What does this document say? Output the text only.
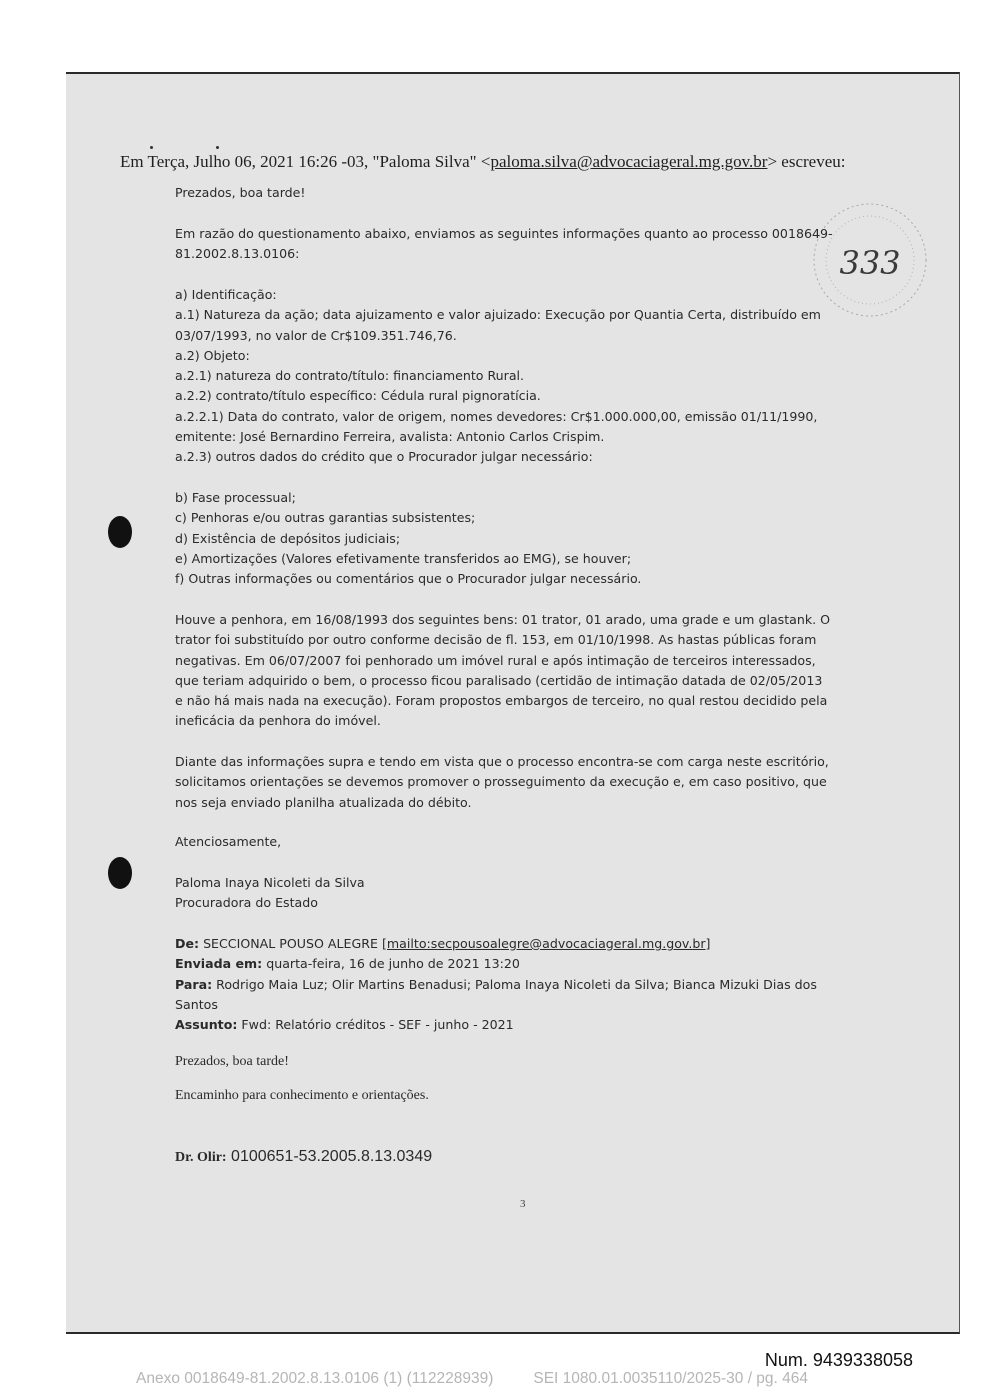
333
Em Terça, Julho 06, 2021 16:26 -03, "Paloma Silva" <paloma.silva@advocaciageral.mg.gov.br> escreveu:
Prezados, boa tarde!
Em razão do questionamento abaixo, enviamos as seguintes informações quanto ao processo 0018649-
81.2002.8.13.0106:
a) Identificação:
a.1) Natureza da ação; data ajuizamento e valor ajuizado: Execução por Quantia Certa, distribuído em
03/07/1993, no valor de Cr$109.351.746,76.
a.2) Objeto:
a.2.1) natureza do contrato/título: financiamento Rural.
a.2.2) contrato/título específico: Cédula rural pignoratícia.
a.2.2.1) Data do contrato, valor de origem, nomes devedores: Cr$1.000.000,00, emissão 01/11/1990,
emitente: José Bernardino Ferreira, avalista: Antonio Carlos Crispim.
a.2.3) outros dados do crédito que o Procurador julgar necessário:
b) Fase processual;
c) Penhoras e/ou outras garantias subsistentes;
d) Existência de depósitos judiciais;
e) Amortizações (Valores efetivamente transferidos ao EMG), se houver;
f) Outras informações ou comentários que o Procurador julgar necessário.
Houve a penhora, em 16/08/1993 dos seguintes bens: 01 trator, 01 arado, uma grade e um glastank. O
trator foi substituído por outro conforme decisão de fl. 153, em 01/10/1998. As hastas públicas foram
negativas. Em 06/07/2007 foi penhorado um imóvel rural e após intimação de terceiros interessados,
que teriam adquirido o bem, o processo ficou paralisado (certidão de intimação datada de 02/05/2013
e não há mais nada na execução). Foram propostos embargos de terceiro, no qual restou decidido pela
ineficácia da penhora do imóvel.
Diante das informações supra e tendo em vista que o processo encontra-se com carga neste escritório,
solicitamos orientações se devemos promover o prosseguimento da execução e, em caso positivo, que
nos seja enviado planilha atualizada do débito.
Atenciosamente,
Paloma Inaya Nicoleti da Silva
Procuradora do Estado
De: SECCIONAL POUSO ALEGRE [mailto:secpousoalegre@advocaciageral.mg.gov.br]
Enviada em: quarta-feira, 16 de junho de 2021 13:20
Para: Rodrigo Maia Luz; Olir Martins Benadusi; Paloma Inaya Nicoleti da Silva; Bianca Mizuki Dias dos
Santos
Assunto: Fwd: Relatório créditos - SEF - junho - 2021
Prezados, boa tarde!
Encaminho para conhecimento e orientações.
Dr. Olir: 0100651-53.2005.8.13.0349
3
Num. 9439338058
Anexo 0018649-81.2002.8.13.0106 (1) (112228939)	SEI 1080.01.0035110/2025-30 / pg. 464
